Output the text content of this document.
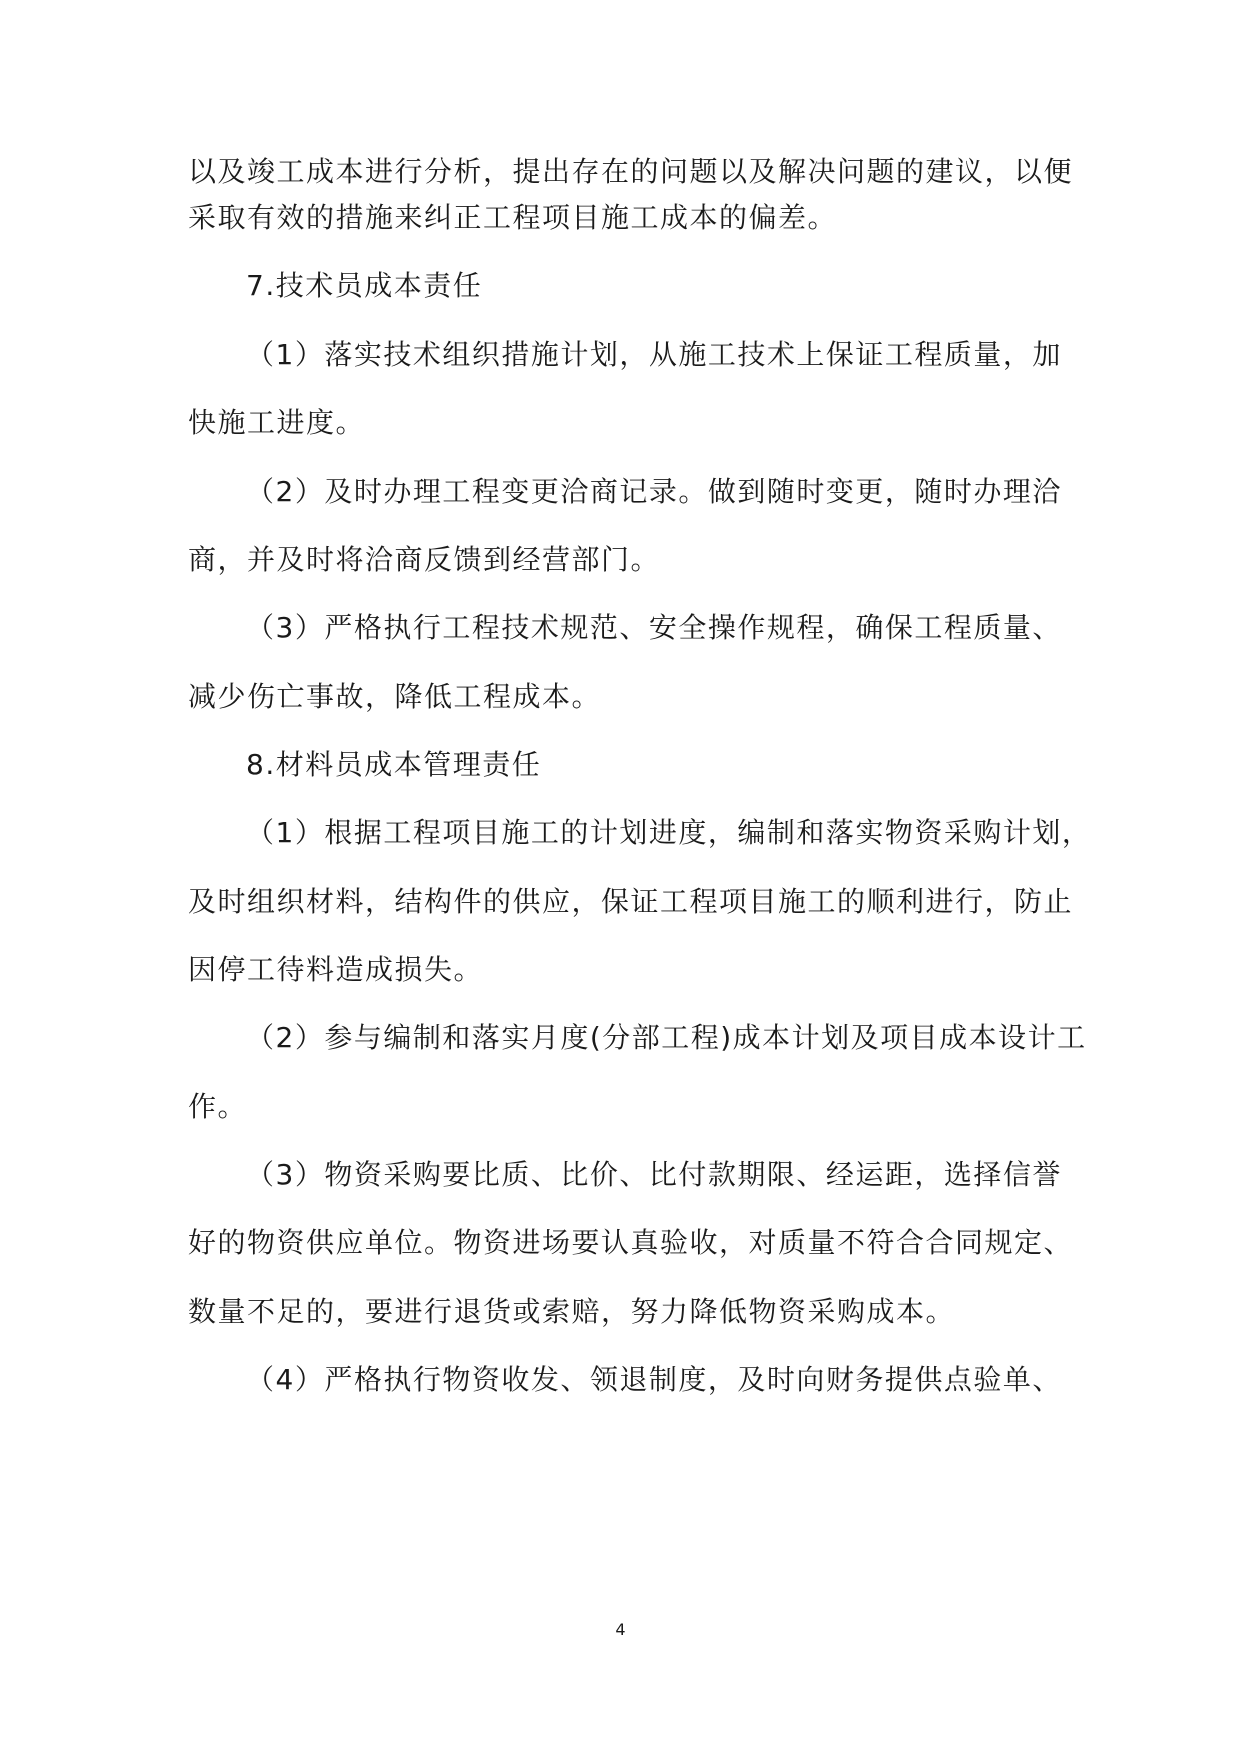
以及竣工成本进行分析，提出存在的问题以及解决问题的建议，以便
采取有效的措施来纠正工程项目施工成本的偏差。
7.技术员成本责任
（1）落实技术组织措施计划，从施工技术上保证工程质量，加
快施工进度。
（2）及时办理工程变更洽商记录。做到随时变更，随时办理洽
商，并及时将洽商反馈到经营部门。
（3）严格执行工程技术规范、安全操作规程，确保工程质量、
减少伤亡事故，降低工程成本。
8.材料员成本管理责任
（1）根据工程项目施工的计划进度，编制和落实物资采购计划，
及时组织材料，结构件的供应，保证工程项目施工的顺利进行，防止
因停工待料造成损失。
（2）参与编制和落实月度(分部工程)成本计划及项目成本设计工
作。
（3）物资采购要比质、比价、比付款期限、经运距，选择信誉
好的物资供应单位。物资进场要认真验收，对质量不符合合同规定、
数量不足的，要进行退货或索赔，努力降低物资采购成本。
（4）严格执行物资收发、领退制度，及时向财务提供点验单、
4
